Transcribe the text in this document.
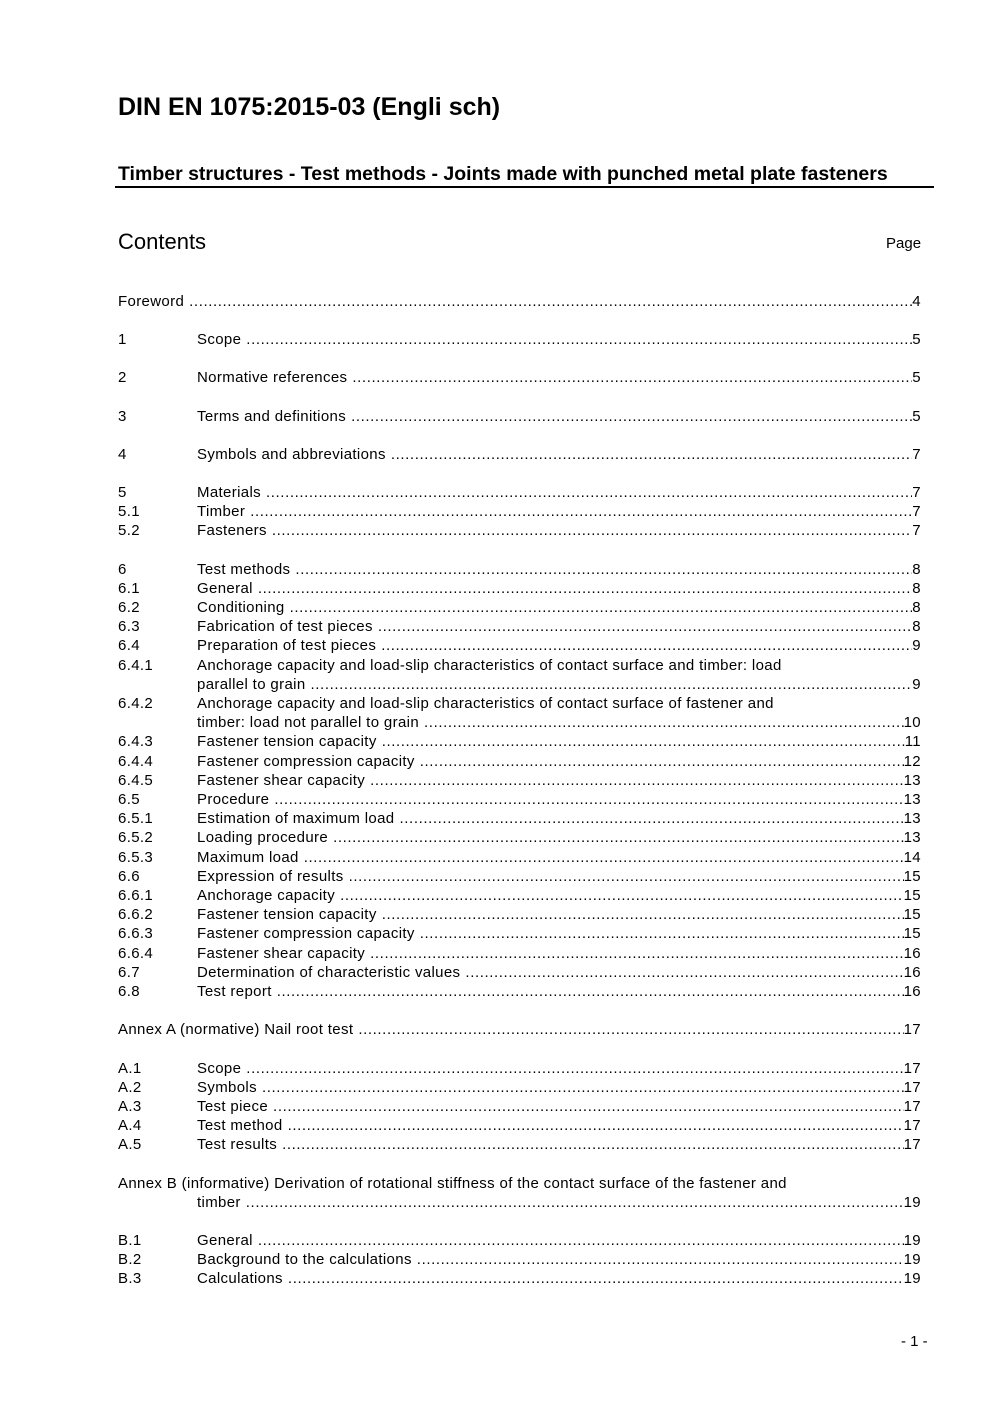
DIN EN 1075:2015-03 (Engli sch)
Timber structures - Test methods - Joints made with punched metal plate fasteners
Contents	Page
Foreword .....	4
1	Scope .....	5
2	Normative references .....	5
3	Terms and definitions .....	5
4	Symbols and abbreviations .....	7
5	Materials .....	7
5.1	Timber .....	7
5.2	Fasteners .....	7
6	Test methods .....	8
6.1	General .....	8
6.2	Conditioning .....	8
6.3	Fabrication of test pieces .....	8
6.4	Preparation of test pieces .....	9
6.4.1	Anchorage capacity and load-slip characteristics of contact surface and timber: load
parallel to grain .....	9
6.4.2	Anchorage capacity and load-slip characteristics of contact surface of fastener and
timber: load not parallel to grain .....	10
6.4.3	Fastener tension capacity .....	11
6.4.4	Fastener compression capacity .....	12
6.4.5	Fastener shear capacity .....	13
6.5	Procedure .....	13
6.5.1	Estimation of maximum load .....	13
6.5.2	Loading procedure .....	13
6.5.3	Maximum load .....	14
6.6	Expression of results .....	15
6.6.1	Anchorage capacity .....	15
6.6.2	Fastener tension capacity .....	15
6.6.3	Fastener compression capacity .....	15
6.6.4	Fastener shear capacity .....	16
6.7	Determination of characteristic values .....	16
6.8	Test report .....	16
Annex A (normative) Nail root test .....	17
A.1	Scope .....	17
A.2	Symbols .....	17
A.3	Test piece .....	17
A.4	Test method .....	17
A.5	Test results .....	17
Annex B (informative) Derivation of rotational stiffness of the contact surface of the fastener and
timber .....	19
B.1	General .....	19
B.2	Background to the calculations .....	19
B.3	Calculations .....	19
- 1 -
